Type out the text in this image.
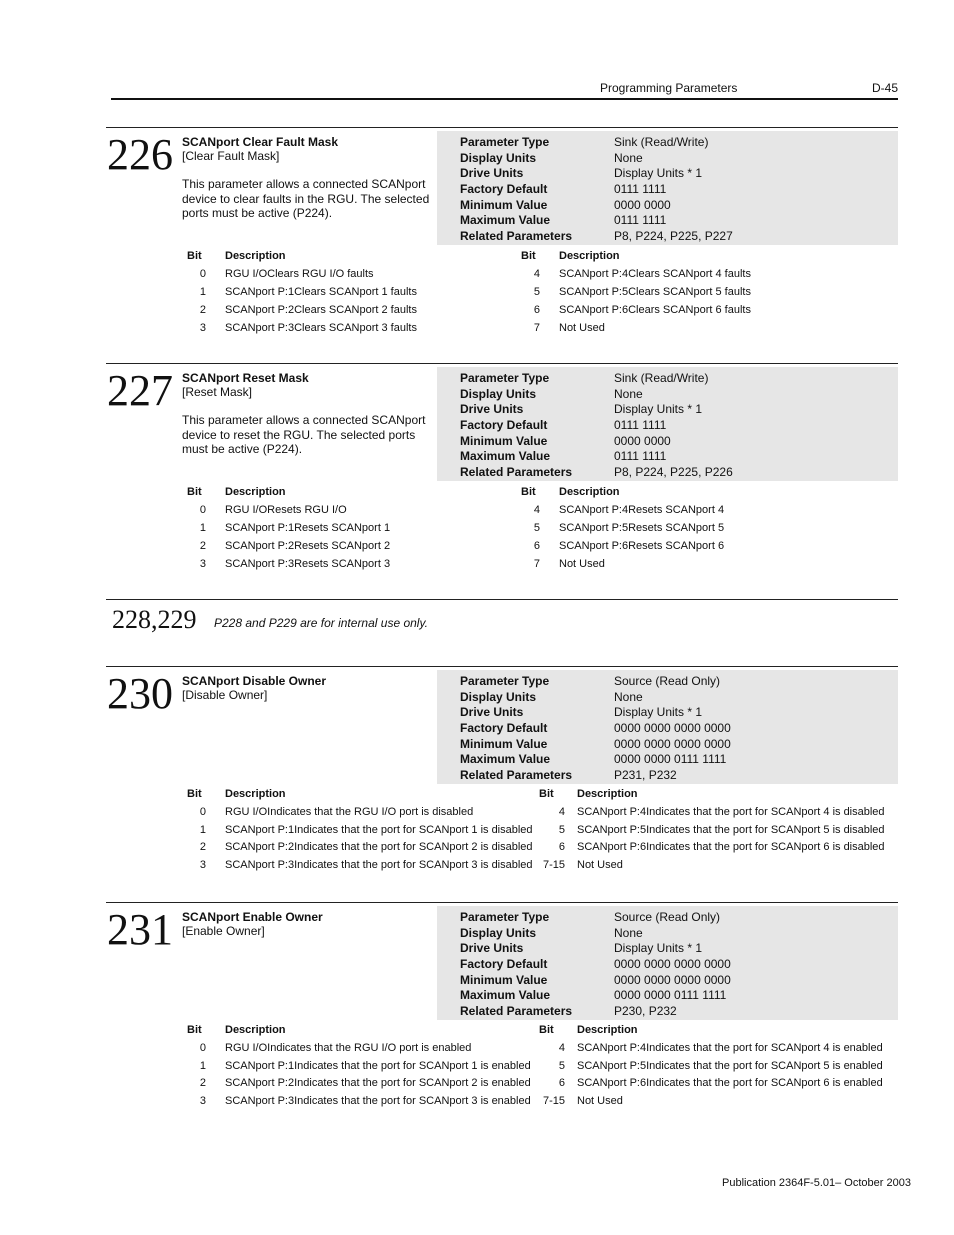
Programming Parameters	D-45
226 SCANport Clear Fault Mask
[Clear Fault Mask]
This parameter allows a connected SCANport device to clear faults in the RGU. The selected ports must be active (P224).
Parameter Type	Sink (Read/Write)
Display Units	None
Drive Units	Display Units * 1
Factory Default	0111 1111
Minimum Value	0000 0000
Maximum Value	0111 1111
Related Parameters	P8, P224, P225, P227
Bit Description	Bit Description
0 RGU I/OClears RGU I/O faults
1 SCANport P:1Clears SCANport 1 faults
2 SCANport P:2Clears SCANport 2 faults
3 SCANport P:3Clears SCANport 3 faults
4 SCANport P:4Clears SCANport 4 faults
5 SCANport P:5Clears SCANport 5 faults
6 SCANport P:6Clears SCANport 6 faults
7 Not Used
227 SCANport Reset Mask
[Reset Mask]
This parameter allows a connected SCANport device to reset the RGU. The selected ports must be active (P224).
Parameter Type	Sink (Read/Write)
Display Units	None
Drive Units	Display Units * 1
Factory Default	0111 1111
Minimum Value	0000 0000
Maximum Value	0111 1111
Related Parameters	P8, P224, P225, P226
Bit Description	Bit Description
0 RGU I/OResets RGU I/O
1 SCANport P:1Resets SCANport 1
2 SCANport P:2Resets SCANport 2
3 SCANport P:3Resets SCANport 3
4 SCANport P:4Resets SCANport 4
5 SCANport P:5Resets SCANport 5
6 SCANport P:6Resets SCANport 6
7 Not Used
228,229 P228 and P229 are for internal use only.
230 SCANport Disable Owner
[Disable Owner]
Parameter Type	Source (Read Only)
Display Units	None
Drive Units	Display Units * 1
Factory Default	0000 0000 0000 0000
Minimum Value	0000 0000 0000 0000
Maximum Value	0000 0000 0111 1111
Related Parameters	P231, P232
Bit Description	Bit Description
0 RGU I/OIndicates that the RGU I/O port is disabled
1 SCANport P:1Indicates that the port for SCANport 1 is disabled
2 SCANport P:2Indicates that the port for SCANport 2 is disabled
3 SCANport P:3Indicates that the port for SCANport 3 is disabled
4 SCANport P:4Indicates that the port for SCANport 4 is disabled
5 SCANport P:5Indicates that the port for SCANport 5 is disabled
6 SCANport P:6Indicates that the port for SCANport 6 is disabled
7-15 Not Used
231 SCANport Enable Owner
[Enable Owner]
Parameter Type	Source (Read Only)
Display Units	None
Drive Units	Display Units * 1
Factory Default	0000 0000 0000 0000
Minimum Value	0000 0000 0000 0000
Maximum Value	0000 0000 0111 1111
Related Parameters	P230, P232
Bit Description	Bit Description
0 RGU I/OIndicates that the RGU I/O port is enabled
1 SCANport P:1Indicates that the port for SCANport 1 is enabled
2 SCANport P:2Indicates that the port for SCANport 2 is enabled
3 SCANport P:3Indicates that the port for SCANport 3 is enabled
4 SCANport P:4Indicates that the port for SCANport 4 is enabled
5 SCANport P:5Indicates that the port for SCANport 5 is enabled
6 SCANport P:6Indicates that the port for SCANport 6 is enabled
7-15 Not Used
Publication 2364F-5.01– October 2003
